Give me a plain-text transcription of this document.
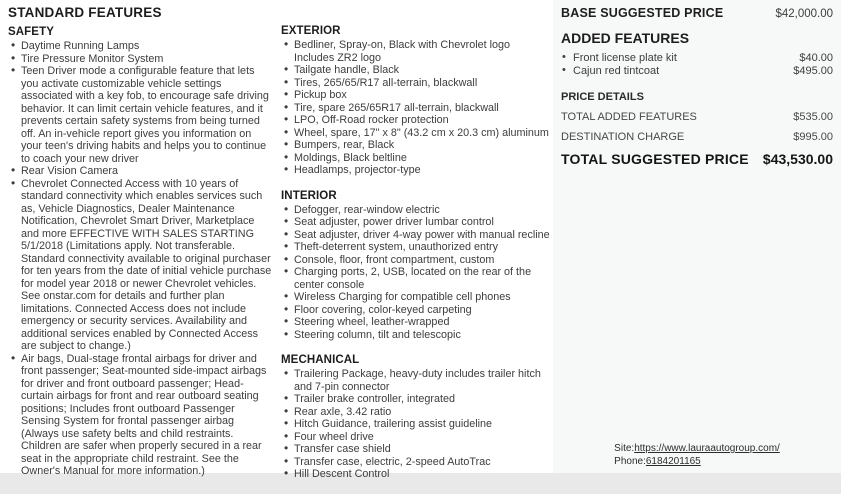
STANDARD FEATURES
SAFETY
• Daytime Running Lamps
• Tire Pressure Monitor System
• Teen Driver mode a configurable feature that lets you activate customizable vehicle settings associated with a key fob, to encourage safe driving behavior. It can limit certain vehicle features, and it prevents certain safety systems from being turned off. An in-vehicle report gives you information on your teen's driving habits and helps you to continue to coach your new driver
• Rear Vision Camera
• Chevrolet Connected Access with 10 years of standard connectivity which enables services such as, Vehicle Diagnostics, Dealer Maintenance Notification, Chevrolet Smart Driver, Marketplace and more EFFECTIVE WITH SALES STARTING 5/1/2018 (Limitations apply. Not transferable. Standard connectivity available to original purchaser for ten years from the date of initial vehicle purchase for model year 2018 or newer Chevrolet vehicles. See onstar.com for details and further plan limitations. Connected Access does not include emergency or security services. Availability and additional services enabled by Connected Access are subject to change.)
• Air bags, Dual-stage frontal airbags for driver and front passenger; Seat-mounted side-impact airbags for driver and front outboard passenger; Head-curtain airbags for front and rear outboard seating positions; Includes front outboard Passenger Sensing System for frontal passenger airbag (Always use safety belts and child restraints. Children are safer when properly secured in a rear seat in the appropriate child restraint. See the Owner's Manual for more information.)
EXTERIOR
• Bedliner, Spray-on, Black with Chevrolet logo Includes ZR2 logo
• Tailgate handle, Black
• Tires, 265/65/R17 all-terrain, blackwall
• Pickup box
• Tire, spare 265/65R17 all-terrain, blackwall
• LPO, Off-Road rocker protection
• Wheel, spare, 17" x 8" (43.2 cm x 20.3 cm) aluminum
• Bumpers, rear, Black
• Moldings, Black beltline
• Headlamps, projector-type
INTERIOR
• Defogger, rear-window electric
• Seat adjuster, power driver lumbar control
• Seat adjuster, driver 4-way power with manual recline
• Theft-deterrent system, unauthorized entry
• Console, floor, front compartment, custom
• Charging ports, 2, USB, located on the rear of the center console
• Wireless Charging for compatible cell phones
• Floor covering, color-keyed carpeting
• Steering wheel, leather-wrapped
• Steering column, tilt and telescopic
MECHANICAL
• Trailering Package, heavy-duty includes trailer hitch and 7-pin connector
• Trailer brake controller, integrated
• Rear axle, 3.42 ratio
• Hitch Guidance, trailering assist guideline
• Four wheel drive
• Transfer case shield
• Transfer case, electric, 2-speed AutoTrac
• Hill Descent Control
BASE SUGGESTED PRICE	$42,000.00
ADDED FEATURES
• Front license plate kit	$40.00
• Cajun red tintcoat	$495.00
PRICE DETAILS
TOTAL ADDED FEATURES	$535.00
DESTINATION CHARGE	$995.00
TOTAL SUGGESTED PRICE $43,530.00
Site:https://www.lauraautogroup.com/
Phone:6184201165
